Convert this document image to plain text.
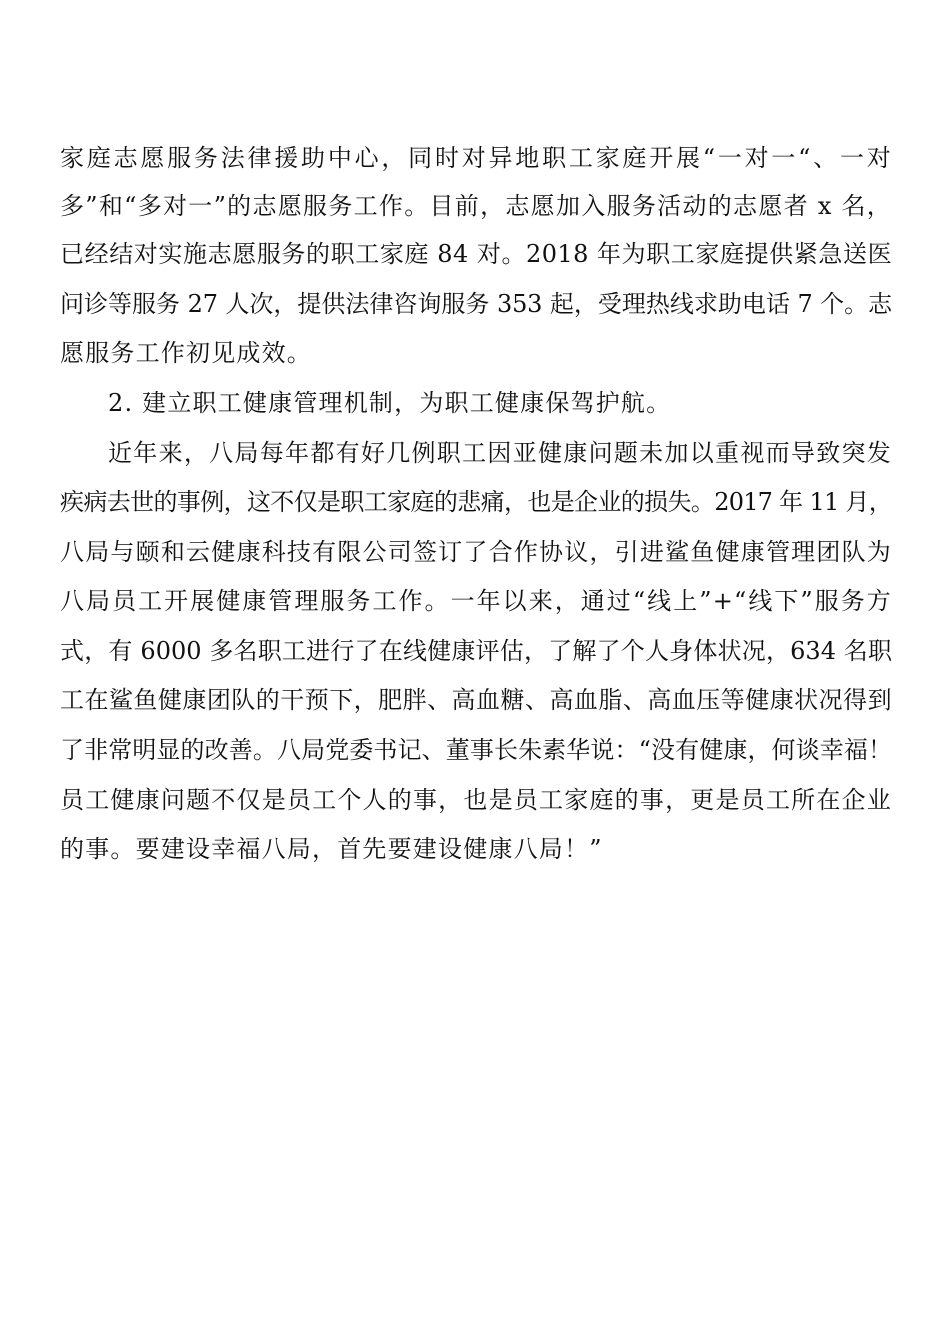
家庭志愿服务法律援助中心，同时对异地职工家庭开展“一对一“、一对
多”和“多对一”的志愿服务工作。目前，志愿加入服务活动的志愿者 x 名，
已经结对实施志愿服务的职工家庭 84 对。2018 年为职工家庭提供紧急送医
问诊等服务 27 人次，提供法律咨询服务 353 起，受理热线求助电话 7 个。志
愿服务工作初见成效。
2. 建立职工健康管理机制，为职工健康保驾护航。
近年来，八局每年都有好几例职工因亚健康问题未加以重视而导致突发
疾病去世的事例，这不仅是职工家庭的悲痛，也是企业的损失。2017 年 11 月，
八局与颐和云健康科技有限公司签订了合作协议，引进鲨鱼健康管理团队为
八局员工开展健康管理服务工作。一年以来，通过“线上”+“线下”服务方
式，有 6000 多名职工进行了在线健康评估，了解了个人身体状况，634 名职
工在鲨鱼健康团队的干预下，肥胖、高血糖、高血脂、高血压等健康状况得到
了非常明显的改善。八局党委书记、董事长朱素华说：“没有健康，何谈幸福！
员工健康问题不仅是员工个人的事，也是员工家庭的事，更是员工所在企业
的事。要建设幸福八局，首先要建设健康八局！”
